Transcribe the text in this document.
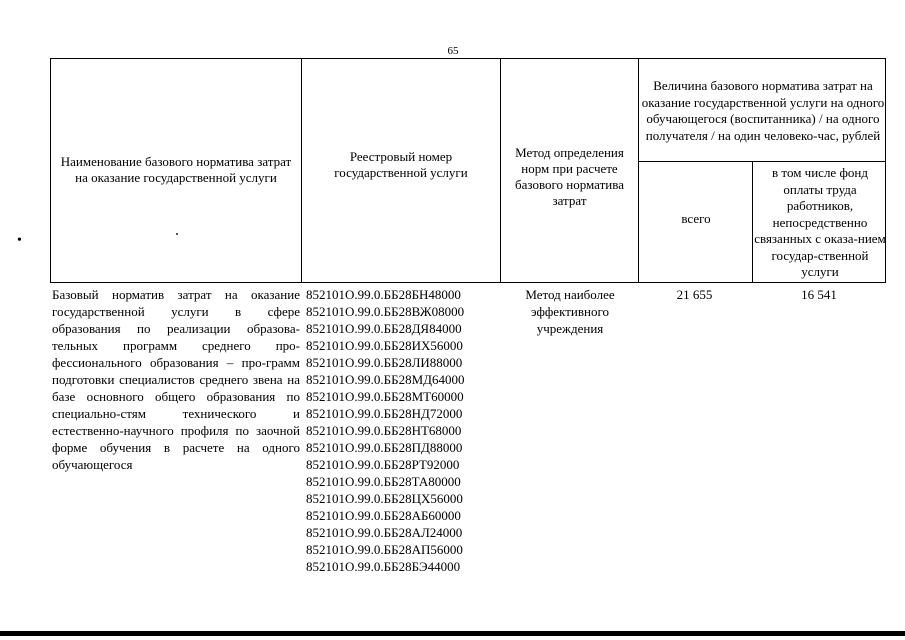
65
•
Наименование базового норматива затрат на оказание государственной услуги
Реестровый номер государственной услуги
Метод определения норм при расчете базового норматива затрат
Величина базового норматива затрат на оказание государственной услуги на одного обучающегося (воспитанника) / на одного получателя / на один человеко-час, рублей
всего
в том числе фонд оплаты труда работников, непосредственно связанных с оказа-нием государ-ственной услуги
Базовый норматив затрат на оказание государственной услуги в сфере образования по реализации образова-тельных программ среднего про-фессионального образования – про-грамм подготовки специалистов среднего звена на базе основного общего образования по специально-стям технического и естественно-научного профиля по заочной форме обучения в расчете на одного обучающегося
852101О.99.0.ББ28БН48000
852101О.99.0.ББ28ВЖ08000
852101О.99.0.ББ28ДЯ84000
852101О.99.0.ББ28ИХ56000
852101О.99.0.ББ28ЛИ88000
852101О.99.0.ББ28МД64000
852101О.99.0.ББ28МТ60000
852101О.99.0.ББ28НД72000
852101О.99.0.ББ28НТ68000
852101О.99.0.ББ28ПД88000
852101О.99.0.ББ28РТ92000
852101О.99.0.ББ28ТА80000
852101О.99.0.ББ28ЦХ56000
852101О.99.0.ББ28АБ60000
852101О.99.0.ББ28АЛ24000
852101О.99.0.ББ28АП56000
852101О.99.0.ББ28БЭ44000
Метод наиболее эффективного учреждения
21 655	16 541
